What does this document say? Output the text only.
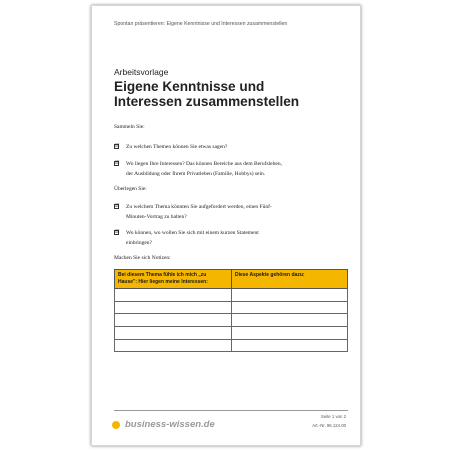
Spontan präsentieren: Eigene Kenntnisse und Interessen zusammenstellen
Arbeitsvorlage
Eigene Kenntnisse und
Interessen zusammenstellen
Sammeln Sie:
☑ Zu welchen Themen können Sie etwas sagen?
☑ Wo liegen Ihre Interessen? Das können Bereiche aus dem Berufsleben,
der Ausbildung oder Ihrem Privatleben (Familie, Hobbys) sein.
Überlegen Sie:
☑ Zu welchem Thema könnten Sie aufgefordert werden, einen Fünf-
Minuten-Vortrag zu halten?
☑ Wo können, wo wollen Sie sich mit einem kurzen Statement
einbringen?
Machen Sie sich Notizen:
Bei diesem Thema fühle ich mich „zu
Hause": Hier liegen meine Interessen:	Diese Aspekte gehören dazu:

business-wissen.de
Seite 1 von 2
Art.-Nr. 96.124.00
